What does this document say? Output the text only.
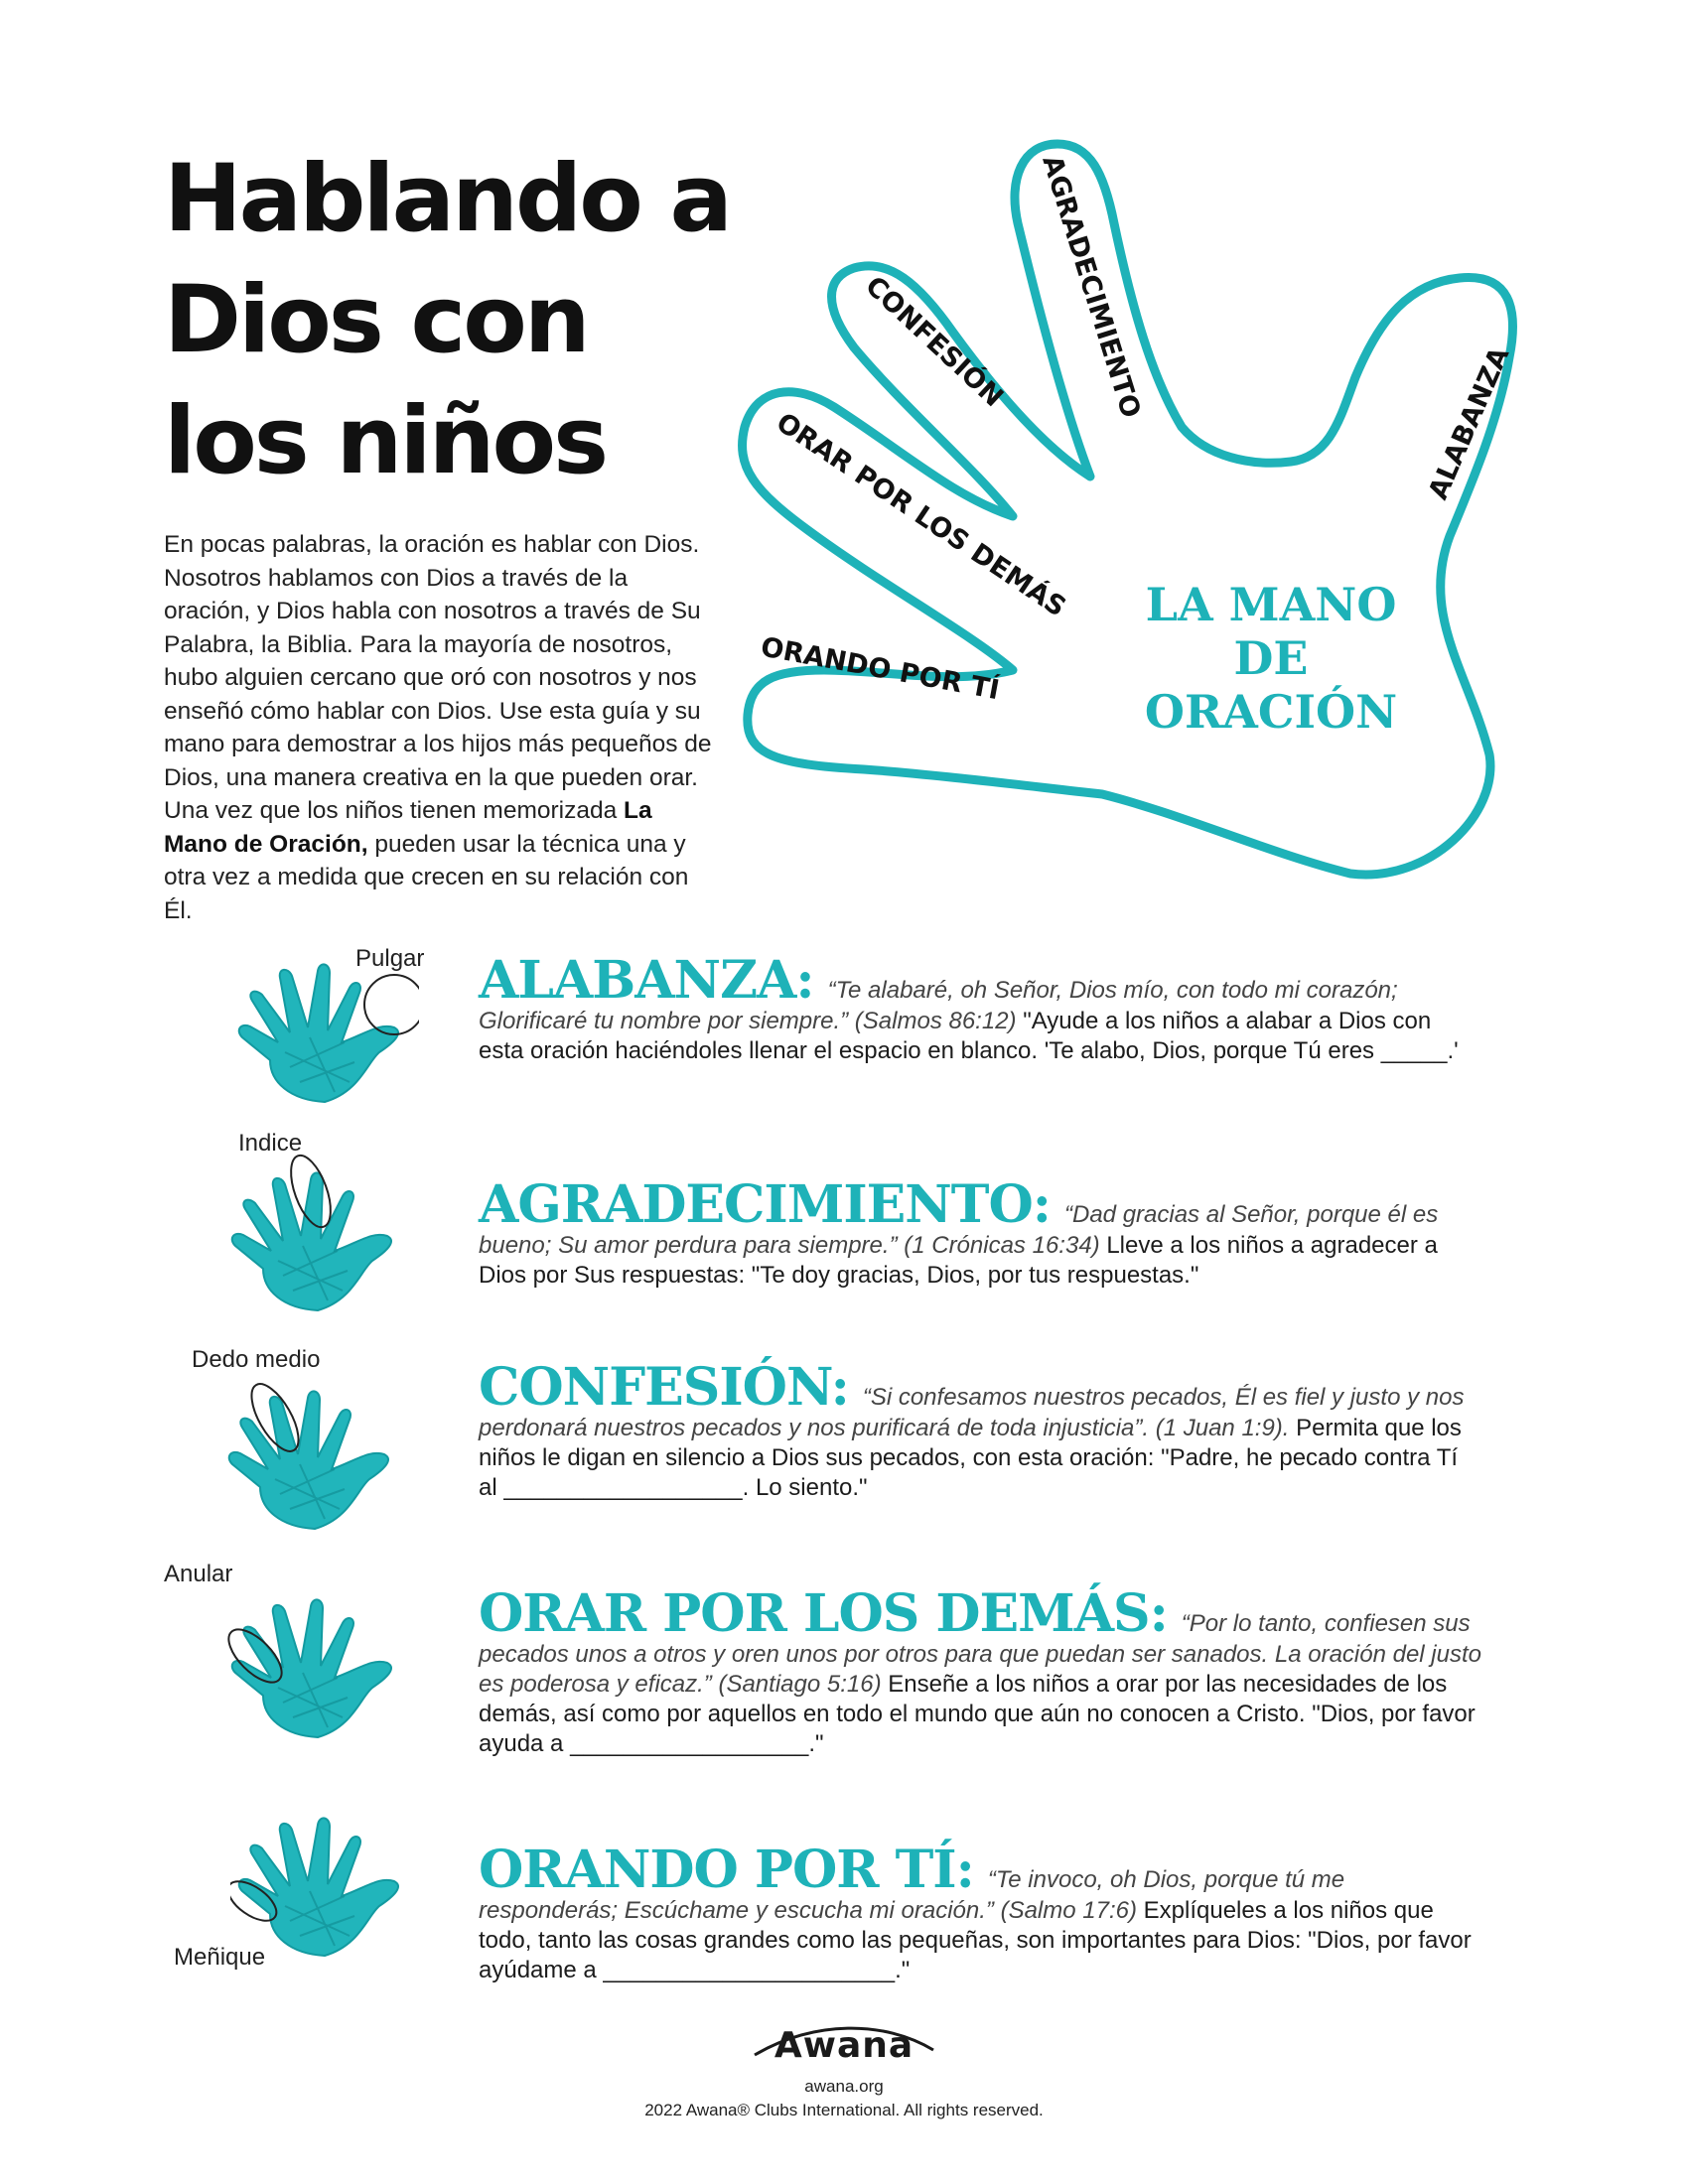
Hablando a
Dios con
los niños

En pocas palabras, la oración es hablar con Dios. Nosotros hablamos con Dios a través de la oración, y Dios habla con nosotros a través de Su Palabra, la Biblia. Para la mayoría de nosotros, hubo alguien cercano que oró con nosotros y nos enseñó cómo hablar con Dios. Use esta guía y su mano para demostrar a los hijos más pequeños de Dios, una manera creativa en la que pueden orar. Una vez que los niños tienen memorizada La Mano de Oración, pueden usar la técnica una y otra vez a medida que crecen en su relación con Él.

AGRADECIMIENTO
CONFESIÓN
ORAR POR LOS DEMÁS
ORANDO POR TÍ
ALABANZA
LA MANO
DE
ORACIÓN
Pulgar ALABANZA: “Te alabaré, oh Señor, Dios mío, con todo mi corazón; Glorificaré tu nombre por siempre.” (Salmos 86:12) "Ayude a los niños a alabar a Dios con esta oración haciéndoles llenar el espacio en blanco. 'Te alabo, Dios, porque Tú eres _____.'
Indice
AGRADECIMIENTO: “Dad gracias al Señor, porque él es bueno; Su amor perdura para siempre.” (1 Crónicas 16:34) Lleve a los niños a agradecer a Dios por Sus respuestas: "Te doy gracias, Dios, por tus respuestas."
Dedo medio	CONFESIÓN: “Si confesamos nuestros pecados, Él es fiel y justo y nos perdonará nuestros pecados y nos purificará de toda injusticia”. (1 Juan 1:9). Permita que los niños le digan en silencio a Dios sus pecados, con esta oración: "Padre, he pecado contra Tí al __________________. Lo siento."
Anular
ORAR POR LOS DEMÁS: “Por lo tanto, confiesen sus pecados unos a otros y oren unos por otros para que puedan ser sanados. La oración del justo es poderosa y eficaz.” (Santiago 5:16) Enseñe a los niños a orar por las necesidades de los demás, así como por aquellos en todo el mundo que aún no conocen a Cristo. "Dios, por favor ayuda a __________________."
Meñique
ORANDO POR TÍ: “Te invoco, oh Dios, porque tú me responderás; Escúchame y escucha mi oración.” (Salmo 17:6) Explíqueles a los niños que todo, tanto las cosas grandes como las pequeñas, son importantes para Dios: "Dios, por favor ayúdame a ______________________."
Awana
awana.org
2022 Awana® Clubs International. All rights reserved.
